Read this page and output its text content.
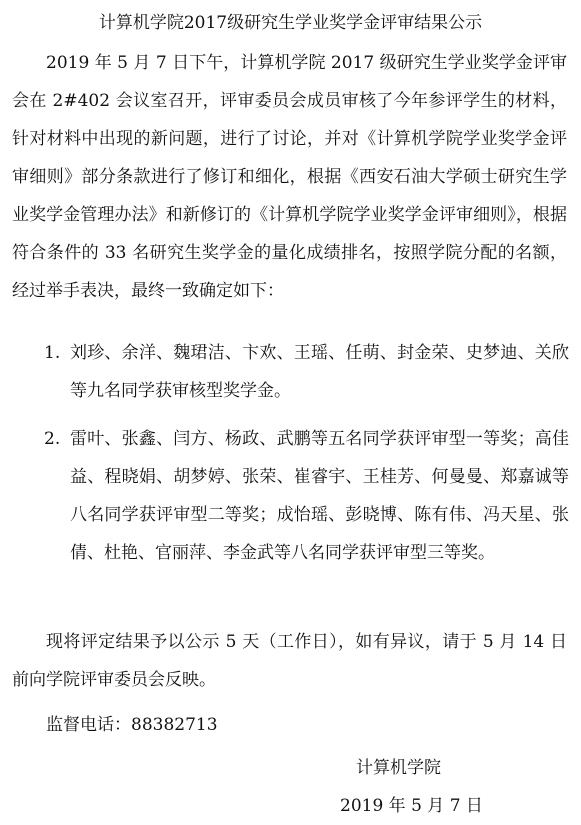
计算机学院2017级研究生学业奖学金评审结果公示

2019 年 5 月 7 日下午，计算机学院 2017 级研究生学业奖学金评审会在 2#402 会议室召开，评审委员会成员审核了今年参评学生的材料，针对材料中出现的新问题，进行了讨论，并对《计算机学院学业奖学金评审细则》部分条款进行了修订和细化，根据《西安石油大学硕士研究生学业奖学金管理办法》和新修订的《计算机学院学业奖学金评审细则》，根据符合条件的 33 名研究生奖学金的量化成绩排名，按照学院分配的名额，经过举手表决，最终一致确定如下：

1. 刘珍、余洋、魏珺洁、卞欢、王瑶、任萌、封金荣、史梦迪、关欣等九名同学获审核型奖学金。
2. 雷叶、张鑫、闫方、杨政、武鹏等五名同学获评审型一等奖；高佳益、程晓娟、胡梦婷、张荣、崔睿宇、王桂芳、何曼曼、郑嘉诚等八名同学获评审型二等奖；成怡瑶、彭晓博、陈有伟、冯天星、张倩、杜艳、官丽萍、李金武等八名同学获评审型三等奖。

现将评定结果予以公示 5 天（工作日），如有异议，请于 5 月 14 日前向学院评审委员会反映。

监督电话：88382713

计算机学院
2019 年 5 月 7 日
